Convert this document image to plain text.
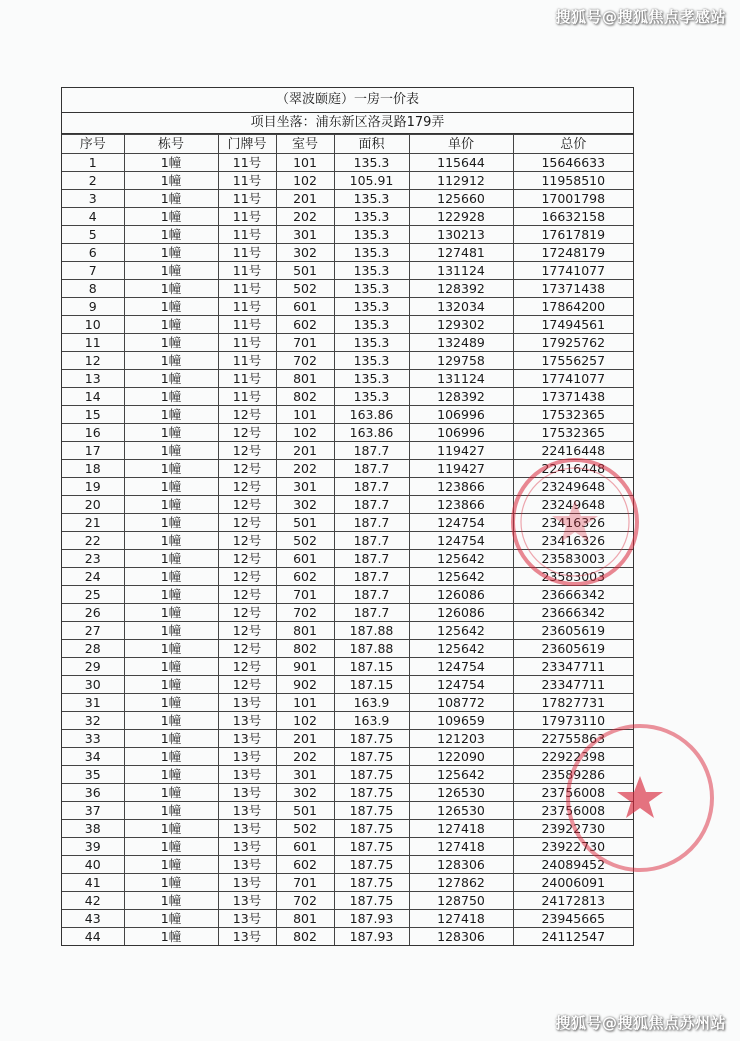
搜狐号@搜狐焦点孝感站
（翠波颐庭）一房一价表
项目坐落：浦东新区洛灵路179弄
序号	栋号	门牌号	室号	面积	单价	总价
1	1幢	11号	101	135.3	115644	15646633
2	1幢	11号	102	105.91	112912	11958510
3	1幢	11号	201	135.3	125660	17001798
4	1幢	11号	202	135.3	122928	16632158
5	1幢	11号	301	135.3	130213	17617819
6	1幢	11号	302	135.3	127481	17248179
7	1幢	11号	501	135.3	131124	17741077
8	1幢	11号	502	135.3	128392	17371438
9	1幢	11号	601	135.3	132034	17864200
10	1幢	11号	602	135.3	129302	17494561
11	1幢	11号	701	135.3	132489	17925762
12	1幢	11号	702	135.3	129758	17556257
13	1幢	11号	801	135.3	131124	17741077
14	1幢	11号	802	135.3	128392	17371438
15	1幢	12号	101	163.86	106996	17532365
16	1幢	12号	102	163.86	106996	17532365
17	1幢	12号	201	187.7	119427	22416448
18	1幢	12号	202	187.7	119427	22416448
19	1幢	12号	301	187.7	123866	23249648
20	1幢	12号	302	187.7	123866	23249648
21	1幢	12号	501	187.7	124754	23416326
22	1幢	12号	502	187.7	124754	23416326
23	1幢	12号	601	187.7	125642	23583003
24	1幢	12号	602	187.7	125642	23583003
25	1幢	12号	701	187.7	126086	23666342
26	1幢	12号	702	187.7	126086	23666342
27	1幢	12号	801	187.88	125642	23605619
28	1幢	12号	802	187.88	125642	23605619
29	1幢	12号	901	187.15	124754	23347711
30	1幢	12号	902	187.15	124754	23347711
31	1幢	13号	101	163.9	108772	17827731
32	1幢	13号	102	163.9	109659	17973110
33	1幢	13号	201	187.75	121203	22755863
34	1幢	13号	202	187.75	122090	22922398
35	1幢	13号	301	187.75	125642	23589286
36	1幢	13号	302	187.75	126530	23756008
37	1幢	13号	501	187.75	126530	23756008
38	1幢	13号	502	187.75	127418	23922730
39	1幢	13号	601	187.75	127418	23922730
40	1幢	13号	602	187.75	128306	24089452
41	1幢	13号	701	187.75	127862	24006091
42	1幢	13号	702	187.75	128750	24172813
43	1幢	13号	801	187.93	127418	23945665
44	1幢	13号	802	187.93	128306	24112547
搜狐号@搜狐焦点苏州站
